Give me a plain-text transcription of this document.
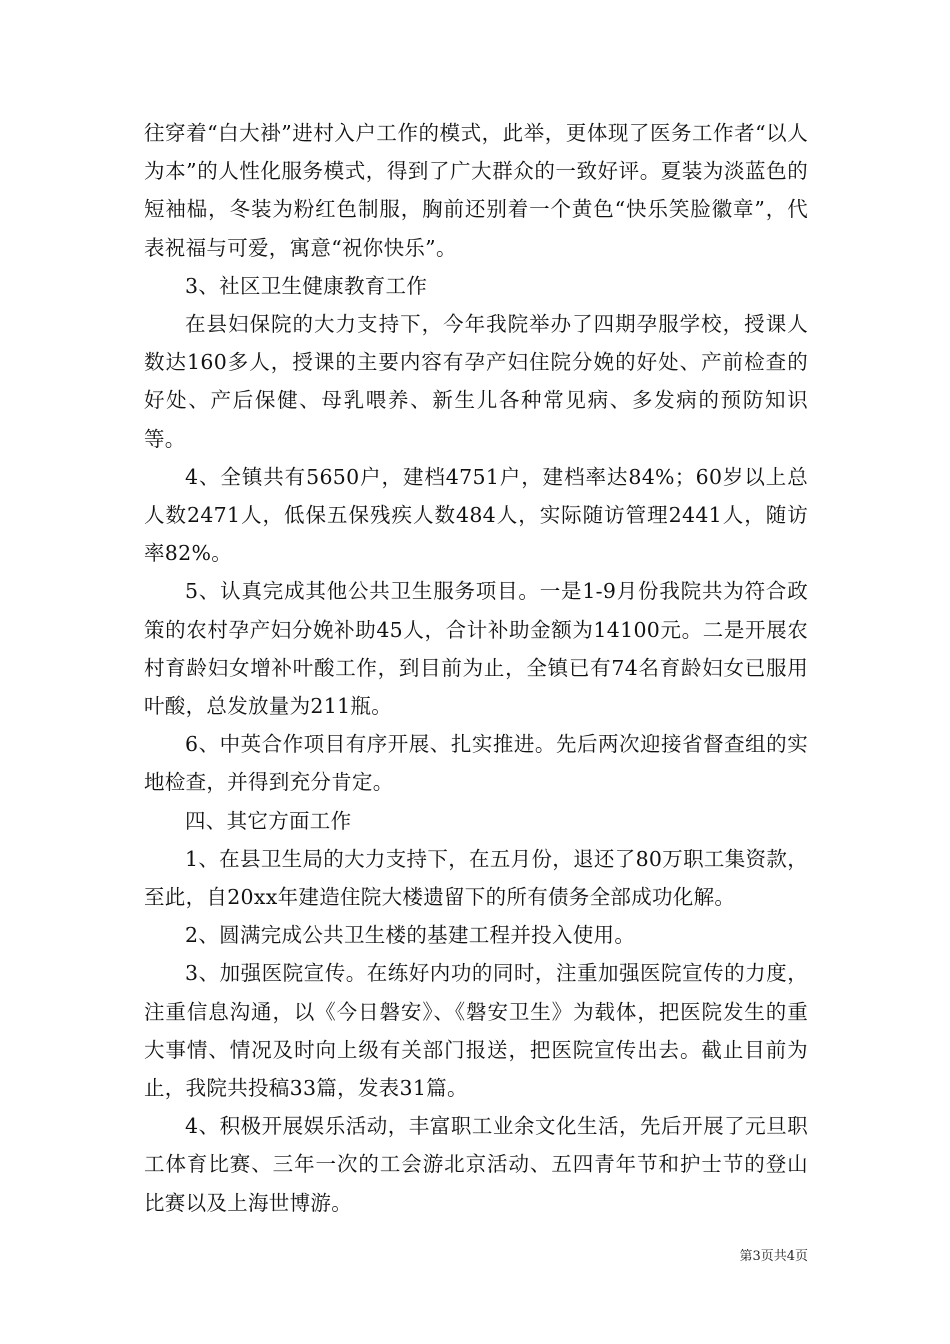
往穿着“白大褂”进村入户工作的模式，此举，更体现了医务工作者“以人为本”的人性化服务模式，得到了广大群众的一致好评。夏装为淡蓝色的短袖榀，冬装为粉红色制服，胸前还别着一个黄色“快乐笑脸徽章”，代表祝福与可爱，寓意“祝你快乐”。

3、社区卫生健康教育工作

在县妇保院的大力支持下，今年我院举办了四期孕服学校，授课人数达160多人，授课的主要内容有孕产妇住院分娩的好处、产前检查的好处、产后保健、母乳喂养、新生儿各种常见病、多发病的预防知识等。

4、全镇共有5650户，建档4751户，建档率达84%；60岁以上总人数2471人，低保五保残疾人数484人，实际随访管理2441人，随访率82%。

5、认真完成其他公共卫生服务项目。一是1-9月份我院共为符合政策的农村孕产妇分娩补助45人，合计补助金额为14100元。二是开展农村育龄妇女增补叶酸工作，到目前为止，全镇已有74名育龄妇女已服用叶酸，总发放量为211瓶。

6、中英合作项目有序开展、扎实推进。先后两次迎接省督查组的实地检查，并得到充分肯定。

四、其它方面工作

1、在县卫生局的大力支持下，在五月份，退还了80万职工集资款，至此，自20xx年建造住院大楼遗留下的所有债务全部成功化解。

2、圆满完成公共卫生楼的基建工程并投入使用。

3、加强医院宣传。在练好内功的同时，注重加强医院宣传的力度，注重信息沟通，以《今日磐安》、《磐安卫生》为载体，把医院发生的重大事情、情况及时向上级有关部门报送，把医院宣传出去。截止目前为止，我院共投稿33篇，发表31篇。

4、积极开展娱乐活动，丰富职工业余文化生活，先后开展了元旦职工体育比赛、三年一次的工会游北京活动、五四青年节和护士节的登山比赛以及上海世博游。

第3页共4页
